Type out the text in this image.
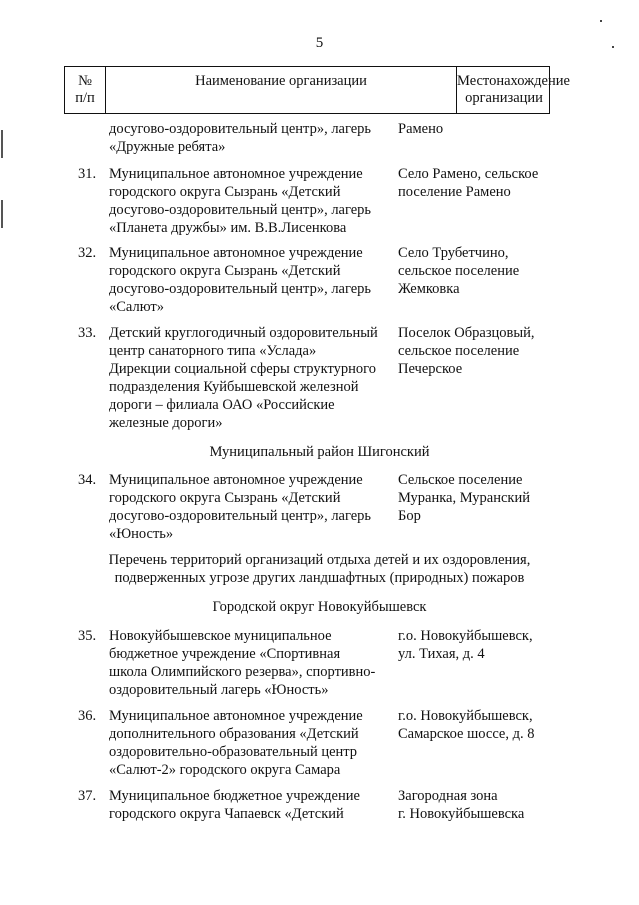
5
№
п/п
Наименование организации	Местонахождение
организации
досугово-оздоровительный центр», лагерь
«Дружные ребята»
Рамено
31. Муниципальное автономное учреждение
городского округа Сызрань «Детский
досугово-оздоровительный центр», лагерь
«Планета дружбы» им. В.В.Лисенкова
Село Рамено, сельское
поселение Рамено
32. Муниципальное автономное учреждение
городского округа Сызрань «Детский
досугово-оздоровительный центр», лагерь
«Салют»
Село Трубетчино,
сельское поселение
Жемковка
33. Детский круглогодичный оздоровительный
центр санаторного типа «Услада»
Дирекции социальной сферы структурного
подразделения Куйбышевской железной
дороги – филиала ОАО «Российские
железные дороги»
Поселок Образцовый,
сельское поселение
Печерское
Муниципальный район Шигонский
34. Муниципальное автономное учреждение
городского округа Сызрань «Детский
досугово-оздоровительный центр», лагерь
«Юность»
Сельское поселение
Муранка, Муранский
Бор
Перечень территорий организаций отдыха детей и их оздоровления,
подверженных угрозе других ландшафтных (природных) пожаров
Городской округ Новокуйбышевск
35. Новокуйбышевское муниципальное
бюджетное учреждение «Спортивная
школа Олимпийского резерва», спортивно-
оздоровительный лагерь «Юность»
г.о. Новокуйбышевск,
ул. Тихая, д. 4
36. Муниципальное автономное учреждение
дополнительного образования «Детский
оздоровительно-образовательный центр
«Салют-2» городского округа Самара
г.о. Новокуйбышевск,
Самарское шоссе, д. 8
37. Муниципальное бюджетное учреждение
городского округа Чапаевск «Детский
Загородная зона
г. Новокуйбышевска
